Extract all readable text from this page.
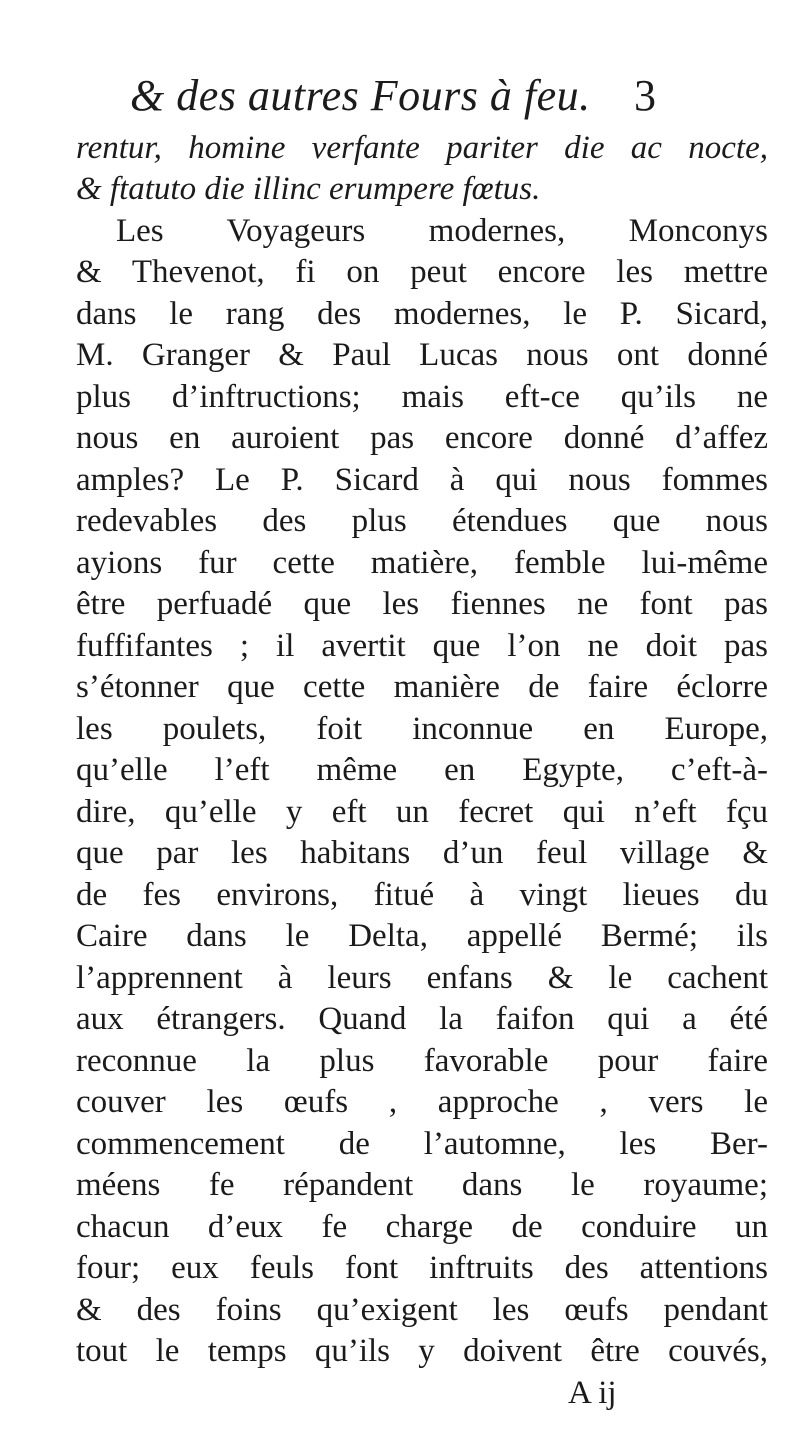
& des autres Fours à feu. 3
rentur, homine verfante pariter die ac nocte,
& ftatuto die illinc erumpere fœtus.
Les Voyageurs modernes, Monconys
& Thevenot, fi on peut encore les mettre
dans le rang des modernes, le P. Sicard,
M. Granger & Paul Lucas nous ont donné
plus d’inftructions; mais eft-ce qu’ils ne
nous en auroient pas encore donné d’affez
amples? Le P. Sicard à qui nous fommes
redevables des plus étendues que nous
ayions fur cette matière, femble lui-même
être perfuadé que les fiennes ne font pas
fuffifantes ; il avertit que l’on ne doit pas
s’étonner que cette manière de faire éclorre
les poulets, foit inconnue en Europe,
qu’elle l’eft même en Egypte, c’eft-à-
dire, qu’elle y eft un fecret qui n’eft fçu
que par les habitans d’un feul village &
de fes environs, fitué à vingt lieues du
Caire dans le Delta, appellé Bermé; ils
l’apprennent à leurs enfans & le cachent
aux étrangers. Quand la faifon qui a été
reconnue la plus favorable pour faire
couver les œufs , approche , vers le
commencement de l’automne, les Ber-
méens fe répandent dans le royaume;
chacun d’eux fe charge de conduire un
four; eux feuls font inftruits des attentions
& des foins qu’exigent les œufs pendant
tout le temps qu’ils y doivent être couvés,
A ij
